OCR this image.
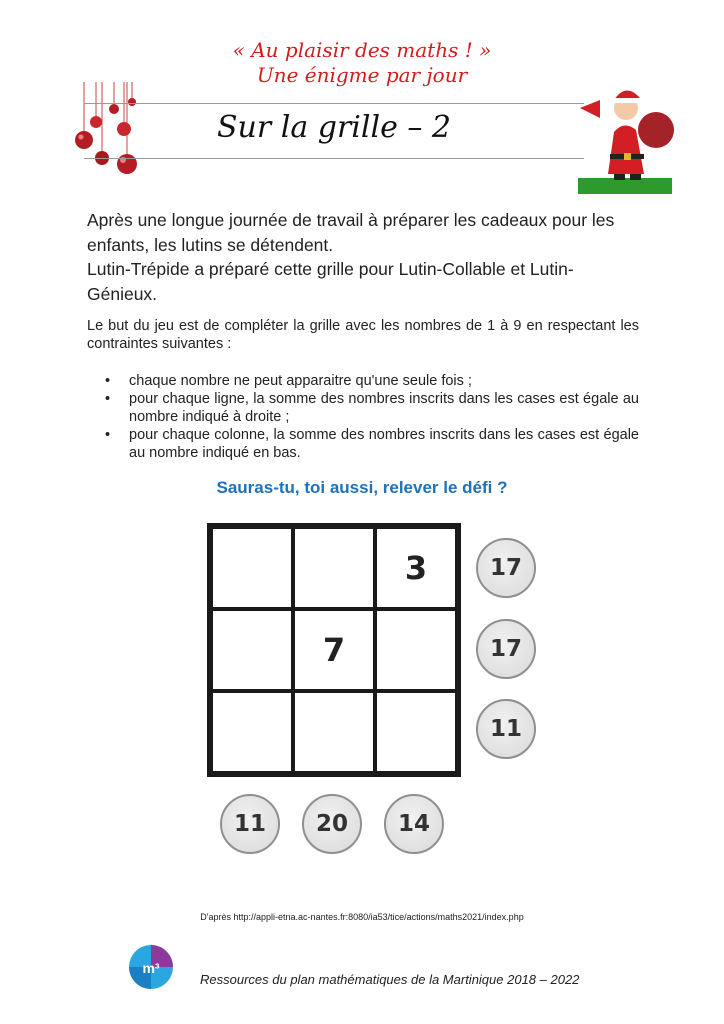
« Au plaisir des maths ! »
Une énigme par jour
Sur la grille – 2

Après une longue journée de travail à préparer les cadeaux pour les enfants, les lutins se détendent.

Lutin-Trépide a préparé cette grille pour Lutin-Collable et Lutin-Génieux.

Le but du jeu est de compléter la grille avec les nombres de 1 à 9 en respectant les contraintes suivantes :
• chaque nombre ne peut apparaitre qu'une seule fois ;
• pour chaque ligne, la somme des nombres inscrits dans les cases est égale au nombre indiqué à droite ;
• pour chaque colonne, la somme des nombres inscrits dans les cases est égale au nombre indiqué en bas.
Sauras-tu, toi aussi, relever le défi ?
3
7
17
17
11
11	20	14
D'après http://appli-etna.ac-nantes.fr:8080/ia53/tice/actions/maths2021/index.php
m³
Ressources du plan mathématiques de la Martinique 2018 – 2022
